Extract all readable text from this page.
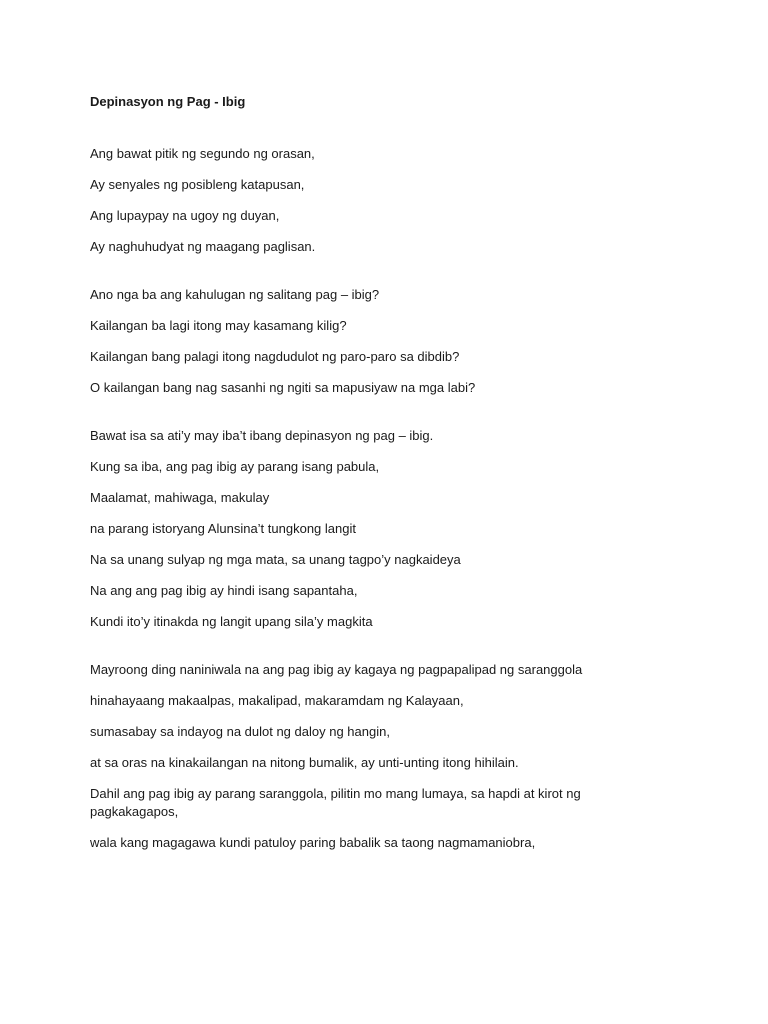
Depinasyon ng Pag - Ibig
Ang bawat pitik ng segundo ng orasan,
Ay senyales ng posibleng katapusan,
Ang lupaypay na ugoy ng duyan,
Ay naghuhudyat ng maagang paglisan.
Ano nga ba ang kahulugan ng salitang pag – ibig?
Kailangan ba lagi itong may kasamang kilig?
Kailangan bang palagi itong nagdudulot ng paro-paro sa dibdib?
O kailangan bang nag sasanhi ng ngiti sa mapusiyaw na mga labi?
Bawat isa sa ati’y may iba’t ibang depinasyon ng pag – ibig.
Kung sa iba, ang pag ibig ay parang isang pabula,
Maalamat, mahiwaga, makulay
na parang istoryang Alunsina’t tungkong langit
Na sa unang sulyap ng mga mata, sa unang tagpo’y nagkaideya
Na ang ang pag ibig ay hindi isang sapantaha,
Kundi ito’y itinakda ng langit upang sila’y magkita
Mayroong ding naniniwala na ang pag ibig ay kagaya ng pagpapalipad ng saranggola
hinahayaang makaalpas, makalipad, makaramdam ng Kalayaan,
sumasabay sa indayog na dulot ng daloy ng hangin,
at sa oras na kinakailangan na nitong bumalik, ay unti-unting itong hihilain.
Dahil ang pag ibig ay parang saranggola, pilitin mo mang lumaya, sa hapdi at kirot ng pagkakagapos,
wala kang magagawa kundi patuloy paring babalik sa taong nagmamaniobra,
